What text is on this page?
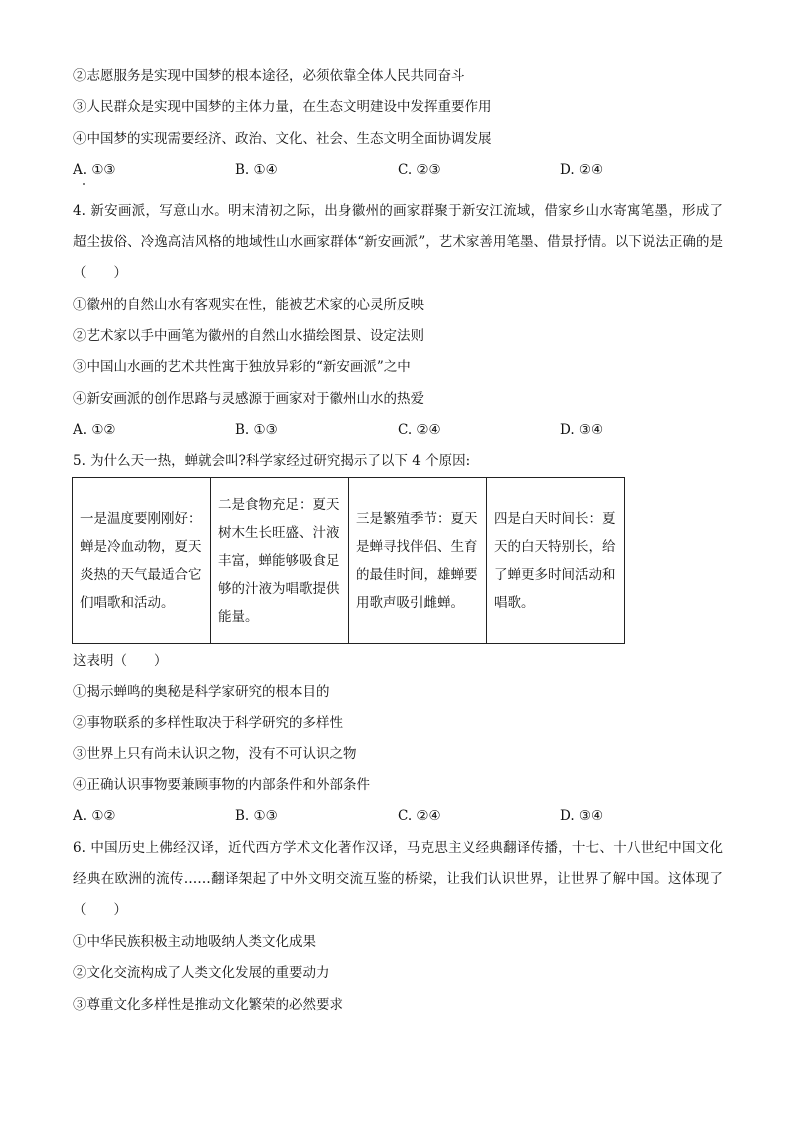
②志愿服务是实现中国梦的根本途径，必须依靠全体人民共同奋斗
③人民群众是实现中国梦的主体力量，在生态文明建设中发挥重要作用
④中国梦的实现需要经济、政治、文化、社会、生态文明全面协调发展
A. ①③	B. ①④	C. ②③	D. ②④
4. 新安画派，写意山水。明末清初之际，出身徽州的画家群聚于新安江流域，借家乡山水寄寓笔墨，形成了超尘拔俗、冷逸高洁风格的地域性山水画家群体“新安画派”，艺术家善用笔墨、借景抒情。以下说法正确的是（　　）
①徽州的自然山水有客观实在性，能被艺术家的心灵所反映
②艺术家以手中画笔为徽州的自然山水描绘图景、设定法则
③中国山水画的艺术共性寓于独放异彩的“新安画派”之中
④新安画派的创作思路与灵感源于画家对于徽州山水的热爱
A. ①②	B. ①③	C. ②④	D. ③④
5. 为什么天一热，蝉就会叫?科学家经过研究揭示了以下 4 个原因:
一是温度要刚刚好：蝉是冷血动物，夏天炎热的天气最适合它们唱歌和活动。	二是食物充足：夏天树木生长旺盛、汁液丰富，蝉能够吸食足够的汁液为唱歌提供能量。	三是繁殖季节：夏天是蝉寻找伴侣、生育的最佳时间，雄蝉要用歌声吸引雌蝉。	四是白天时间长：夏天的白天特别长，给了蝉更多时间活动和唱歌。
这表明（　　）
①揭示蝉鸣的奥秘是科学家研究的根本目的
②事物联系的多样性取决于科学研究的多样性
③世界上只有尚未认识之物，没有不可认识之物
④正确认识事物要兼顾事物的内部条件和外部条件
A. ①②	B. ①③	C. ②④	D. ③④
6. 中国历史上佛经汉译，近代西方学术文化著作汉译，马克思主义经典翻译传播，十七、十八世纪中国文化经典在欧洲的流传……翻译架起了中外文明交流互鉴的桥梁，让我们认识世界，让世界了解中国。这体现了（　　）
①中华民族积极主动地吸纳人类文化成果
②文化交流构成了人类文化发展的重要动力
③尊重文化多样性是推动文化繁荣的必然要求
